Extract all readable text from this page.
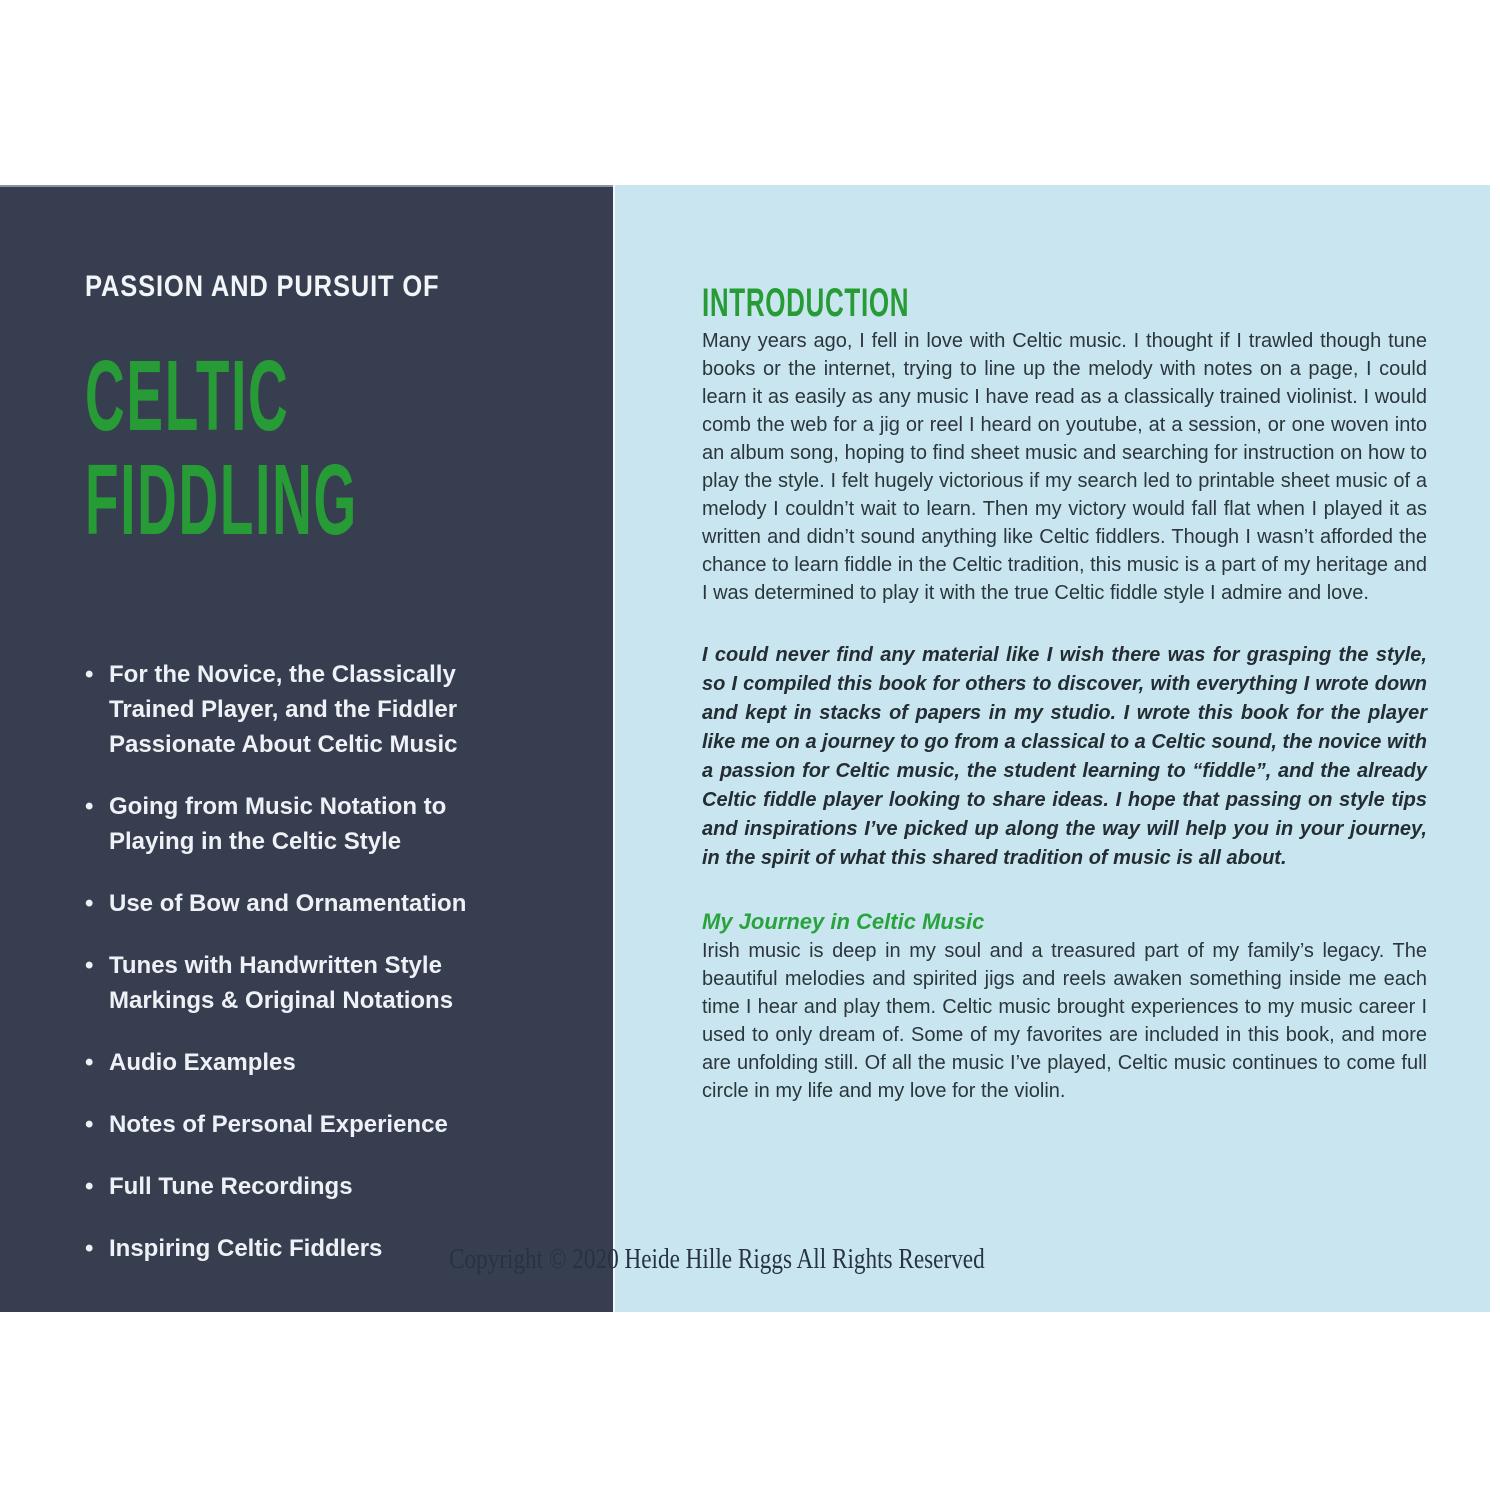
PASSION AND PURSUIT OF
CELTIC
FIDDLING
• For the Novice, the Classically Trained Player, and the Fiddler Passionate About Celtic Music
• Going from Music Notation to Playing in the Celtic Style
• Use of Bow and Ornamentation
• Tunes with Handwritten Style Markings & Original Notations
• Audio Examples
• Notes of Personal Experience
• Full Tune Recordings
• Inspiring Celtic Fiddlers
INTRODUCTION

Many years ago, I fell in love with Celtic music. I thought if I trawled though tune books or the internet, trying to line up the melody with notes on a page, I could learn it as easily as any music I have read as a classically trained violinist. I would comb the web for a jig or reel I heard on youtube, at a session, or one woven into an album song, hoping to find sheet music and searching for instruction on how to play the style. I felt hugely victorious if my search led to printable sheet music of a melody I couldn’t wait to learn. Then my victory would fall flat when I played it as written and didn’t sound anything like Celtic fiddlers. Though I wasn’t afforded the chance to learn fiddle in the Celtic tradition, this music is a part of my heritage and I was determined to play it with the true Celtic fiddle style I admire and love.

I could never find any material like I wish there was for grasping the style, so I compiled this book for others to discover, with everything I wrote down and kept in stacks of papers in my studio. I wrote this book for the player like me on a journey to go from a classical to a Celtic sound, the novice with a passion for Celtic music, the student learning to “fiddle”, and the already Celtic fiddle player looking to share ideas. I hope that passing on style tips and inspirations I’ve picked up along the way will help you in your journey, in the spirit of what this shared tradition of music is all about.

My Journey in Celtic Music

Irish music is deep in my soul and a treasured part of my family’s legacy. The beautiful melodies and spirited jigs and reels awaken something inside me each time I hear and play them. Celtic music brought experiences to my music career I used to only dream of. Some of my favorites are included in this book, and more are unfolding still. Of all the music I’ve played, Celtic music continues to come full circle in my life and my love for the violin.

Copyright © 2020 Heide Hille Riggs All Rights Reserved
